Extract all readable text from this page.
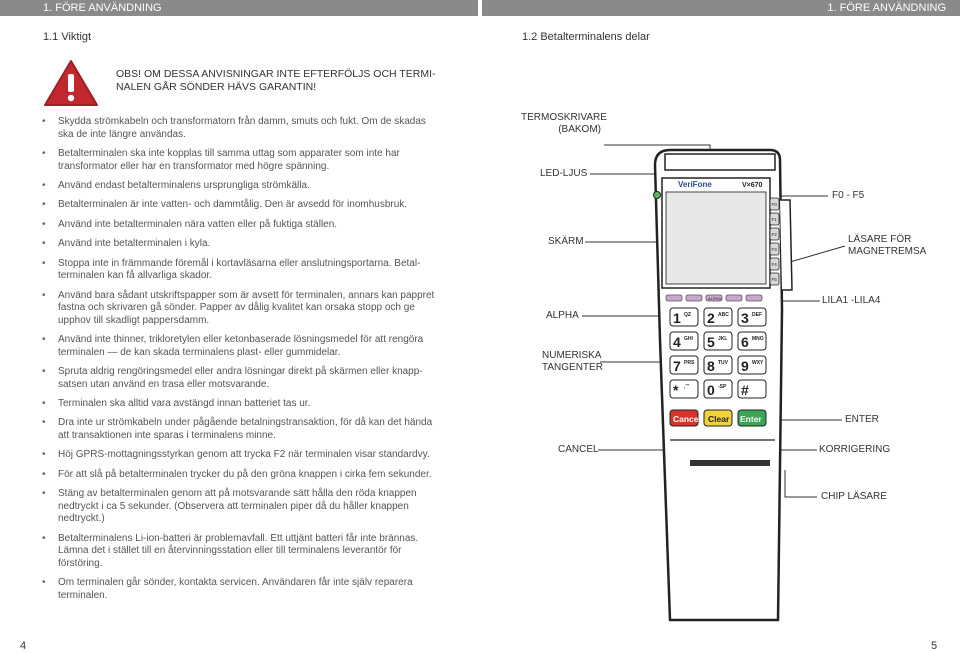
1. FÖRE ANVÄNDNING	1. FÖRE ANVÄNDNING
1.1 Viktigt	1.2 Betalterminalens delar
OBS! OM DESSA ANVISNINGAR INTE EFTERFÖLJS OCH TERMINALEN GÅR SÖNDER HÄVS GARANTIN!
• Skydda strömkabeln och transformatorn från damm, smuts och fukt. Om de skadas ska de inte längre användas.
• Betalterminalen ska inte kopplas till samma uttag som apparater som inte har transformator eller har en transformator med högre spänning.
• Använd endast betalterminalens ursprungliga strömkälla.
• Betalterminalen är inte vatten- och dammtålig. Den är avsedd för inomhusbruk.
• Använd inte betalterminalen nära vatten eller på fuktiga ställen.
• Använd inte betalterminalen i kyla.
• Stoppa inte in främmande föremål i kortavläsarna eller anslutningsportarna. Betalterminalen kan få allvarliga skador.
• Använd bara sådant utskriftspapper som är avsett för terminalen, annars kan pappret fastna och skrivaren gå sönder. Papper av dålig kvalitet kan orsaka stopp och ge upphov till skadligt pappersdamm.
• Använd inte thinner, trikloretylen eller ketonbaserade lösningsmedel för att rengöra terminalen — de kan skada terminalens plast- eller gummidelar.
• Spruta aldrig rengöringsmedel eller andra lösningar direkt på skärmen eller knappsatsen utan använd en trasa eller motsvarande.
• Terminalen ska alltid vara avstängd innan batteriet tas ur.
• Dra inte ur strömkabeln under pågående betalningstransaktion, för då kan det hända att transaktionen inte sparas i terminalens minne.
• Höj GPRS-mottagningsstyrkan genom att trycka F2 när terminalen visar standardvy.
• För att slå på betalterminalen trycker du på den gröna knappen i cirka fem sekunder.
• Stäng av betalterminalen genom att på motsvarande sätt hålla den röda knappen nedtryckt i ca 5 sekunder. (Observera att terminalen piper då du håller knappen nedtryckt.)
• Betalterminalens Li-ion-batteri är problemavfall. Ett uttjänt batteri får inte brännas. Lämna det i stället till en återvinningsstation eller till terminalens leverantör för förstöring.
• Om terminalen går sönder, kontakta servicen. Användaren får inte själv reparera terminalen.
4	5
TERMOSKRIVARE (BAKOM)
LED-LJUS
F0 - F5
SKÄRM	LÄSARE FÖR MAGNETREMSA
ALPHA
LILA1 -LILA4
NUMERISKA TANGENTER
ENTER
CANCEL	KORRIGERING
CHIP LÄSARE
VeriFone	V×670
F0
F1
F2
F3
F4
F5
ALPHA
1 QZ 2 ABC 3 DEF
4 GHI 5 JKL 6 MNO
7 PRS 8 TUV 9 WXY
* ,'" 0 -SP #
Cancel Clear Enter
